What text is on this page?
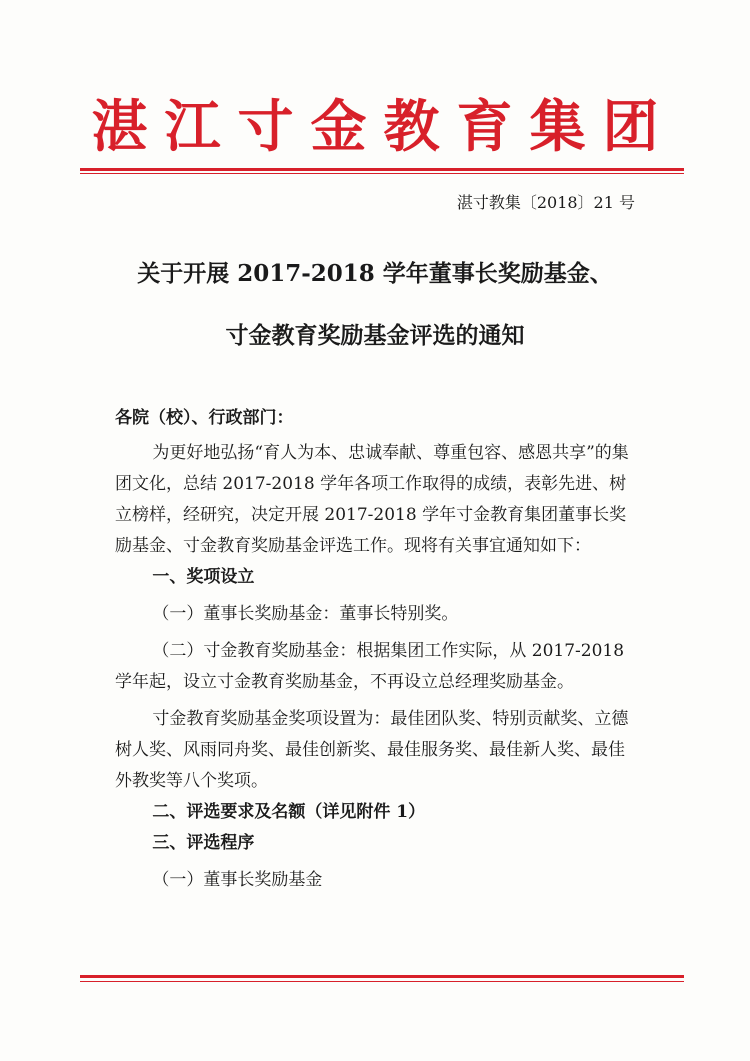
湛江寸金教育集团
湛寸教集〔2018〕21 号
关于开展 2017-2018 学年董事长奖励基金、
寸金教育奖励基金评选的通知

各院（校）、行政部门：

为更好地弘扬“育人为本、忠诚奉献、尊重包容、感恩共享”的集团文化，总结 2017-2018 学年各项工作取得的成绩，表彰先进、树立榜样，经研究，决定开展 2017-2018 学年寸金教育集团董事长奖励基金、寸金教育奖励基金评选工作。现将有关事宜通知如下：

一、奖项设立

（一）董事长奖励基金：董事长特别奖。

（二）寸金教育奖励基金：根据集团工作实际，从 2017-2018 学年起，设立寸金教育奖励基金，不再设立总经理奖励基金。

寸金教育奖励基金奖项设置为：最佳团队奖、特别贡献奖、立德树人奖、风雨同舟奖、最佳创新奖、最佳服务奖、最佳新人奖、最佳外教奖等八个奖项。

二、评选要求及名额（详见附件 1）

三、评选程序

（一）董事长奖励基金
